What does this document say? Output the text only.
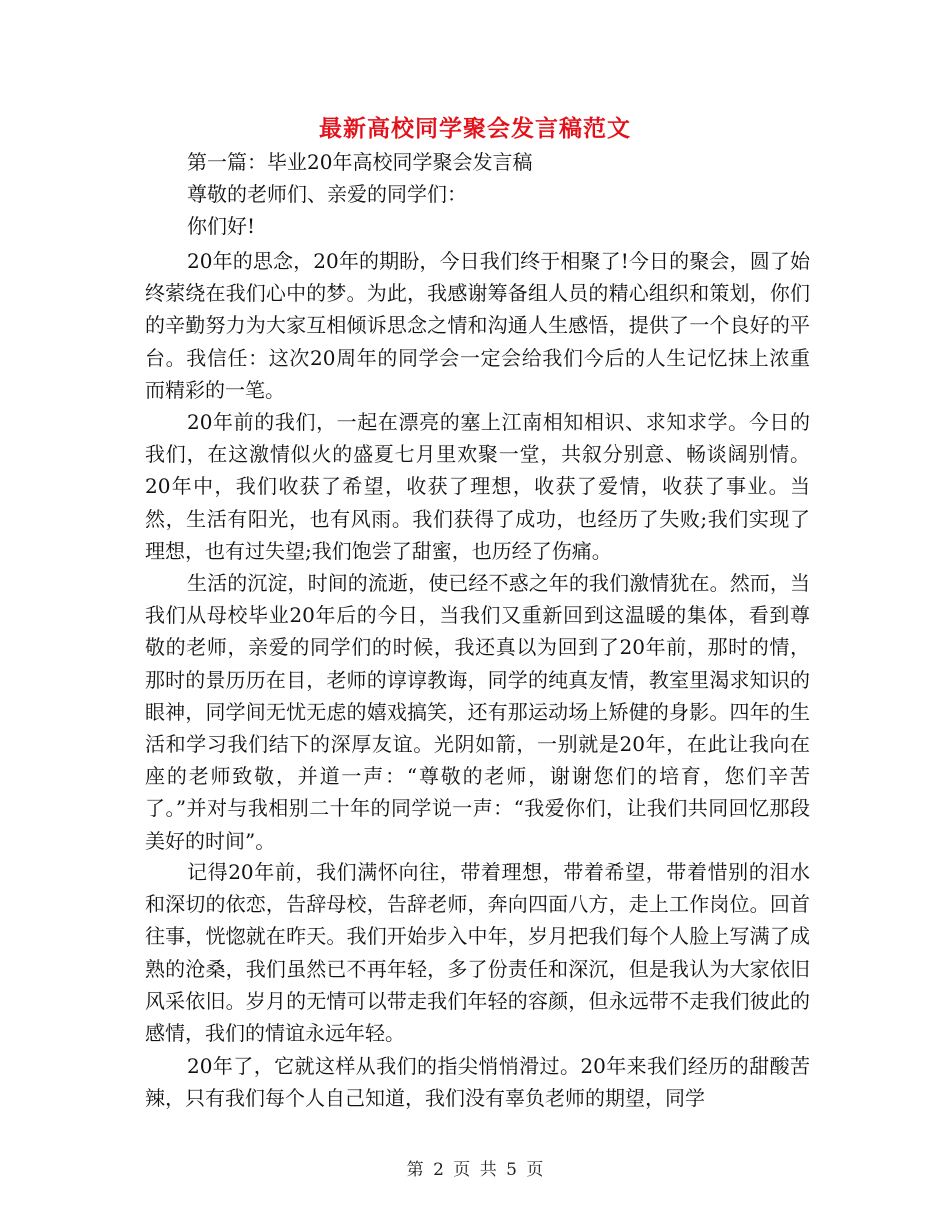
最新高校同学聚会发言稿范文

第一篇：毕业20年高校同学聚会发言稿

尊敬的老师们、亲爱的同学们：

你们好!

20年的思念，20年的期盼，今日我们终于相聚了!今日的聚会，圆了始终萦绕在我们心中的梦。为此，我感谢筹备组人员的精心组织和策划，你们的辛勤努力为大家互相倾诉思念之情和沟通人生感悟，提供了一个良好的平台。我信任：这次20周年的同学会一定会给我们今后的人生记忆抹上浓重而精彩的一笔。

20年前的我们，一起在漂亮的塞上江南相知相识、求知求学。今日的我们，在这激情似火的盛夏七月里欢聚一堂，共叙分别意、畅谈阔别情。20年中，我们收获了希望，收获了理想，收获了爱情，收获了事业。当然，生活有阳光，也有风雨。我们获得了成功，也经历了失败;我们实现了理想，也有过失望;我们饱尝了甜蜜，也历经了伤痛。

生活的沉淀，时间的流逝，使已经不惑之年的我们激情犹在。然而，当我们从母校毕业20年后的今日，当我们又重新回到这温暖的集体，看到尊敬的老师，亲爱的同学们的时候，我还真以为回到了20年前，那时的情，那时的景历历在目，老师的谆谆教诲，同学的纯真友情，教室里渴求知识的眼神，同学间无忧无虑的嬉戏搞笑，还有那运动场上矫健的身影。四年的生活和学习我们结下的深厚友谊。光阴如箭，一别就是20年，在此让我向在座的老师致敬，并道一声：“尊敬的老师，谢谢您们的培育，您们辛苦了。”并对与我相别二十年的同学说一声：“我爱你们，让我们共同回忆那段美好的时间”。

记得20年前，我们满怀向往，带着理想，带着希望，带着惜别的泪水和深切的依恋，告辞母校，告辞老师，奔向四面八方，走上工作岗位。回首往事，恍惚就在昨天。我们开始步入中年，岁月把我们每个人脸上写满了成熟的沧桑，我们虽然已不再年轻，多了份责任和深沉，但是我认为大家依旧风采依旧。岁月的无情可以带走我们年轻的容颜，但永远带不走我们彼此的感情，我们的情谊永远年轻。

20年了，它就这样从我们的指尖悄悄滑过。20年来我们经历的甜酸苦辣，只有我们每个人自己知道，我们没有辜负老师的期望，同学

第 2 页 共 5 页
